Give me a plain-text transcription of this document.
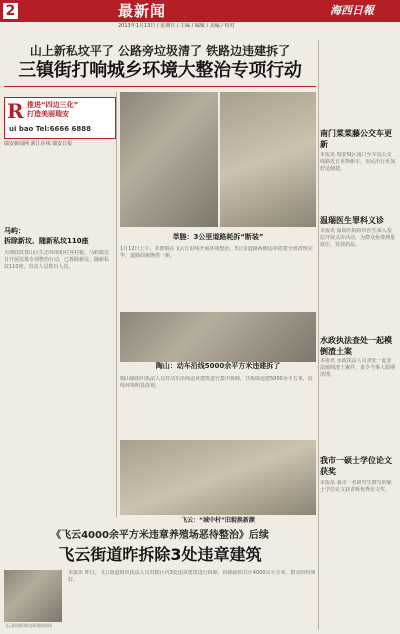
2	最新闻	海西日報
2013年1月13日 / 星期日 / 主编 / 编辑 / 美编 / 校对
山上新私坟平了 公路旁垃圾清了 铁路边违建拆了
三镇街打响城乡环境大整治专项行动
R 推进“四边三化”
打造美丽瑞安
ui bao Tel:6666 6888
瑞安新闻网 浙江在线 瑞安日报
马屿：
拆除新坟、随新私坟110座
为彻底改善山区生态环境和村容村貌，马屿镇近日开展坟墓专项整治行动，已拆除新坟、随新私坟110座，出动人员数百人次。
莘塍：3公里道路耗拆“断装”
1月12日上午，莘塍镇在飞云江沿线开展环境整治，3公里道路两侧违章搭建全部清理完毕，道路面貌焕然一新。
陶山：动车沿线5000余平方米违建拆了
陶山镇组织执法人员对动车沿线违章建筑进行集中拆除，共拆除违建5000余平方米，沿线环境明显改观。
飞云：“城中村”旧貌换新颜
《飞云4000余平方米违章养殖场恶待整治》后续
飞云街道昨拆除3处违章建筑
飞云街道拆除违章建筑现场
本报讯 昨日，飞云街道组织执法人员对辖区内3处违章建筑进行拆除，拆除面积共计4000余平方米，群众纷纷叫好。
南门菜菜藤公交车更新
本报讯 瑞安城区南门至车站公交线路近日更换新车，市民出行更加舒适便捷。
温瑞医生罪科义诊
本报讯 温瑞医院组织医生深入基层开展义诊活动，为群众免费测量血压、发放药品。
水政执法查处一起模倒渣土案
本报讯 水政执法人员查处一起非法倾倒渣土案件，责令当事人限期清理。
我市一硕士学位论文获奖
本报讯 我市一名研究生撰写的硕士学位论文获省级优秀论文奖。
